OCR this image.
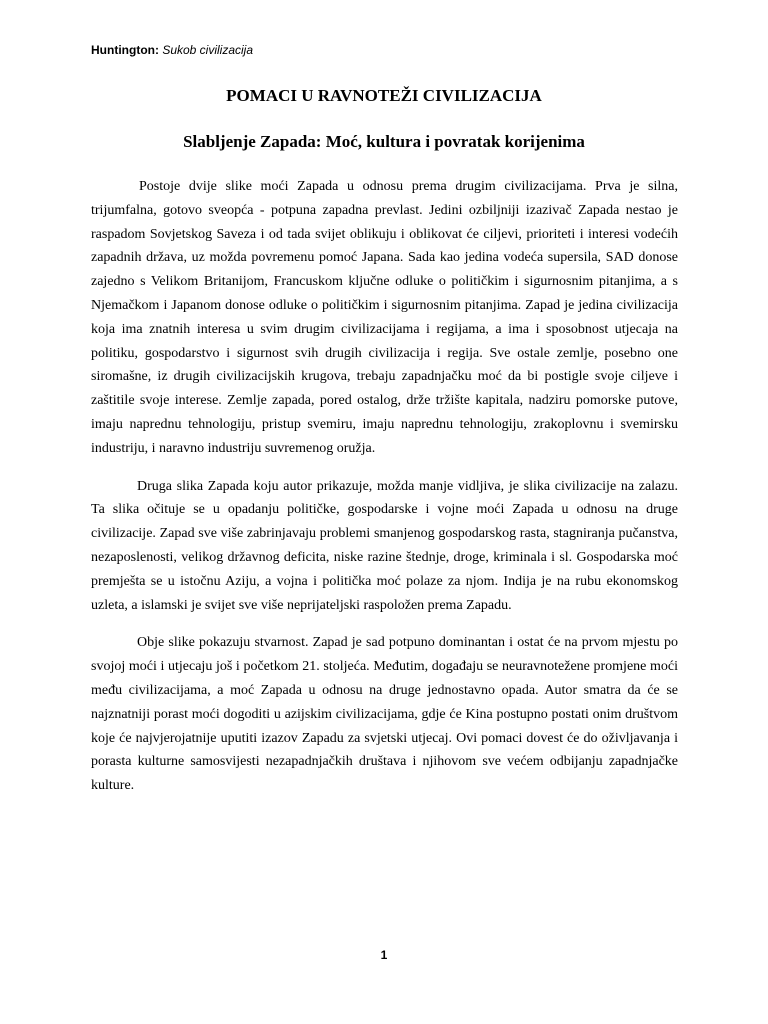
Huntington: Sukob civilizacija
POMACI U RAVNOTEŽI CIVILIZACIJA
Slabljenje Zapada: Moć, kultura i povratak korijenima

Postoje dvije slike moći Zapada u odnosu prema drugim civilizacijama. Prva je silna, trijumfalna, gotovo sveopća - potpuna zapadna prevlast. Jedini ozbiljniji izazivač Zapada nestao je raspadom Sovjetskog Saveza i od tada svijet oblikuju i oblikovat će ciljevi, prioriteti i interesi vodećih zapadnih država, uz možda povremenu pomoć Japana. Sada kao jedina vodeća supersila, SAD donose zajedno s Velikom Britanijom, Francuskom ključne odluke o političkim i sigurnosnim pitanjima, a s Njemačkom i Japanom donose odluke o političkim i sigurnosnim pitanjima. Zapad je jedina civilizacija koja ima znatnih interesa u svim drugim civilizacijama i regijama, a ima i sposobnost utjecaja na politiku, gospodarstvo i sigurnost svih drugih civilizacija i regija. Sve ostale zemlje, posebno one siromašne, iz drugih civilizacijskih krugova, trebaju zapadnjačku moć da bi postigle svoje ciljeve i zaštitile svoje interese. Zemlje zapada, pored ostalog, drže tržište kapitala, nadziru pomorske putove, imaju naprednu tehnologiju, pristup svemiru, imaju naprednu tehnologiju, zrakoplovnu i svemirsku industriju, i naravno industriju suvremenog oružja.

Druga slika Zapada koju autor prikazuje, možda manje vidljiva, je slika civilizacije na zalazu. Ta slika očituje se u opadanju političke, gospodarske i vojne moći Zapada u odnosu na druge civilizacije. Zapad sve više zabrinjavaju problemi smanjenog gospodarskog rasta, stagniranja pučanstva, nezaposlenosti, velikog državnog deficita, niske razine štednje, droge, kriminala i sl. Gospodarska moć premješta se u istočnu Aziju, a vojna i politička moć polaze za njom. Indija je na rubu ekonomskog uzleta, a islamski je svijet sve više neprijateljski raspoložen prema Zapadu.

Obje slike pokazuju stvarnost. Zapad je sad potpuno dominantan i ostat će na prvom mjestu po svojoj moći i utjecaju još i početkom 21. stoljeća. Međutim, događaju se neuravnotežene promjene moći među civilizacijama, a moć Zapada u odnosu na druge jednostavno opada. Autor smatra da će se najznatniji porast moći dogoditi u azijskim civilizacijama, gdje će Kina postupno postati onim društvom koje će najvjerojatnije uputiti izazov Zapadu za svjetski utjecaj. Ovi pomaci dovest će do oživljavanja i porasta kulturne samosvijesti nezapadnjačkih društava i njihovom sve većem odbijanju zapadnjačke kulture.

1
